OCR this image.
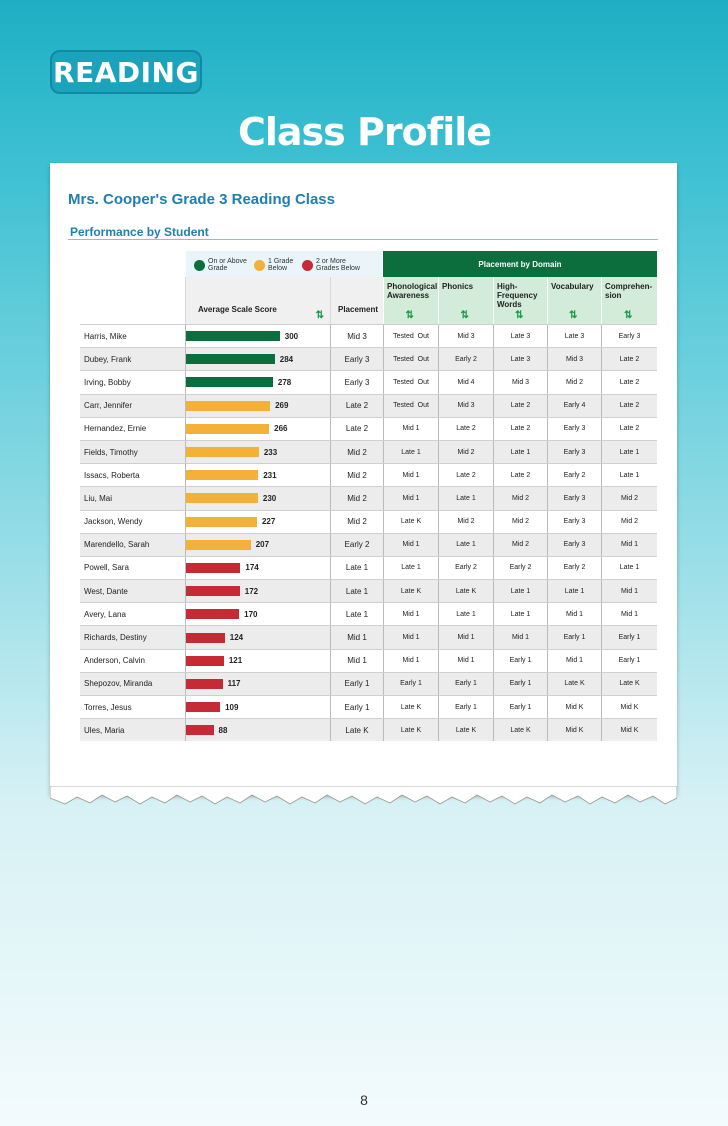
READING
Class Profile
Mrs. Cooper's Grade 3 Reading Class
Performance by Student
On or Above
Grade
1 Grade
Below
2 or More
Grades Below	Placement by Domain
Average Scale Score
⇅
Placement
Phonological Awareness
⇅
Phonics
⇅
High-Frequency Words
⇅
Vocabulary
⇅
Comprehen-sion
⇅
Harris, Mike	300	Mid 3	Tested  Out	Mid 3	Late 3	Late 3	Early 3
Dubey, Frank	284	Early 3	Tested  Out	Early 2	Late 3	Mid 3	Late 2
Irving, Bobby	278	Early 3	Tested  Out	Mid 4	Mid 3	Mid 2	Late 2
Carr, Jennifer	269	Late 2	Tested  Out	Mid 3	Late 2	Early 4	Late 2
Hernandez, Ernie	266	Late 2	Mid 1	Late 2	Late 2	Early 3	Late 2
Fields, Timothy	233	Mid 2	Late 1	Mid 2	Late 1	Early 3	Late 1
Issacs, Roberta	231	Mid 2	Mid 1	Late 2	Late 2	Early 2	Late 1
Liu, Mai	230	Mid 2	Mid 1	Late 1	Mid 2	Early 3	Mid 2
Jackson, Wendy	227	Mid 2	Late K	Mid 2	Mid 2	Early 3	Mid 2
Marendello, Sarah	207	Early 2	Mid 1	Late 1	Mid 2	Early 3	Mid 1
Powell, Sara	174	Late 1	Late 1	Early 2	Early 2	Early 2	Late 1
West, Dante	172	Late 1	Late K	Late K	Late 1	Late 1	Mid 1
Avery, Lana	170	Late 1	Mid 1	Late 1	Late 1	Mid 1	Mid 1
Richards, Destiny	124	Mid 1	Mid 1	Mid 1	Mid 1	Early 1	Early 1
Anderson, Calvin	121	Mid 1	Mid 1	Mid 1	Early 1	Mid 1	Early 1
Shepozov, Miranda	117	Early 1	Early 1	Early 1	Early 1	Late K	Late K
Torres, Jesus	109	Early 1	Late K	Early 1	Early 1	Mid K	Mid K
Ules, Maria	88	Late K	Late K	Late K	Late K	Mid K	Mid K
8
